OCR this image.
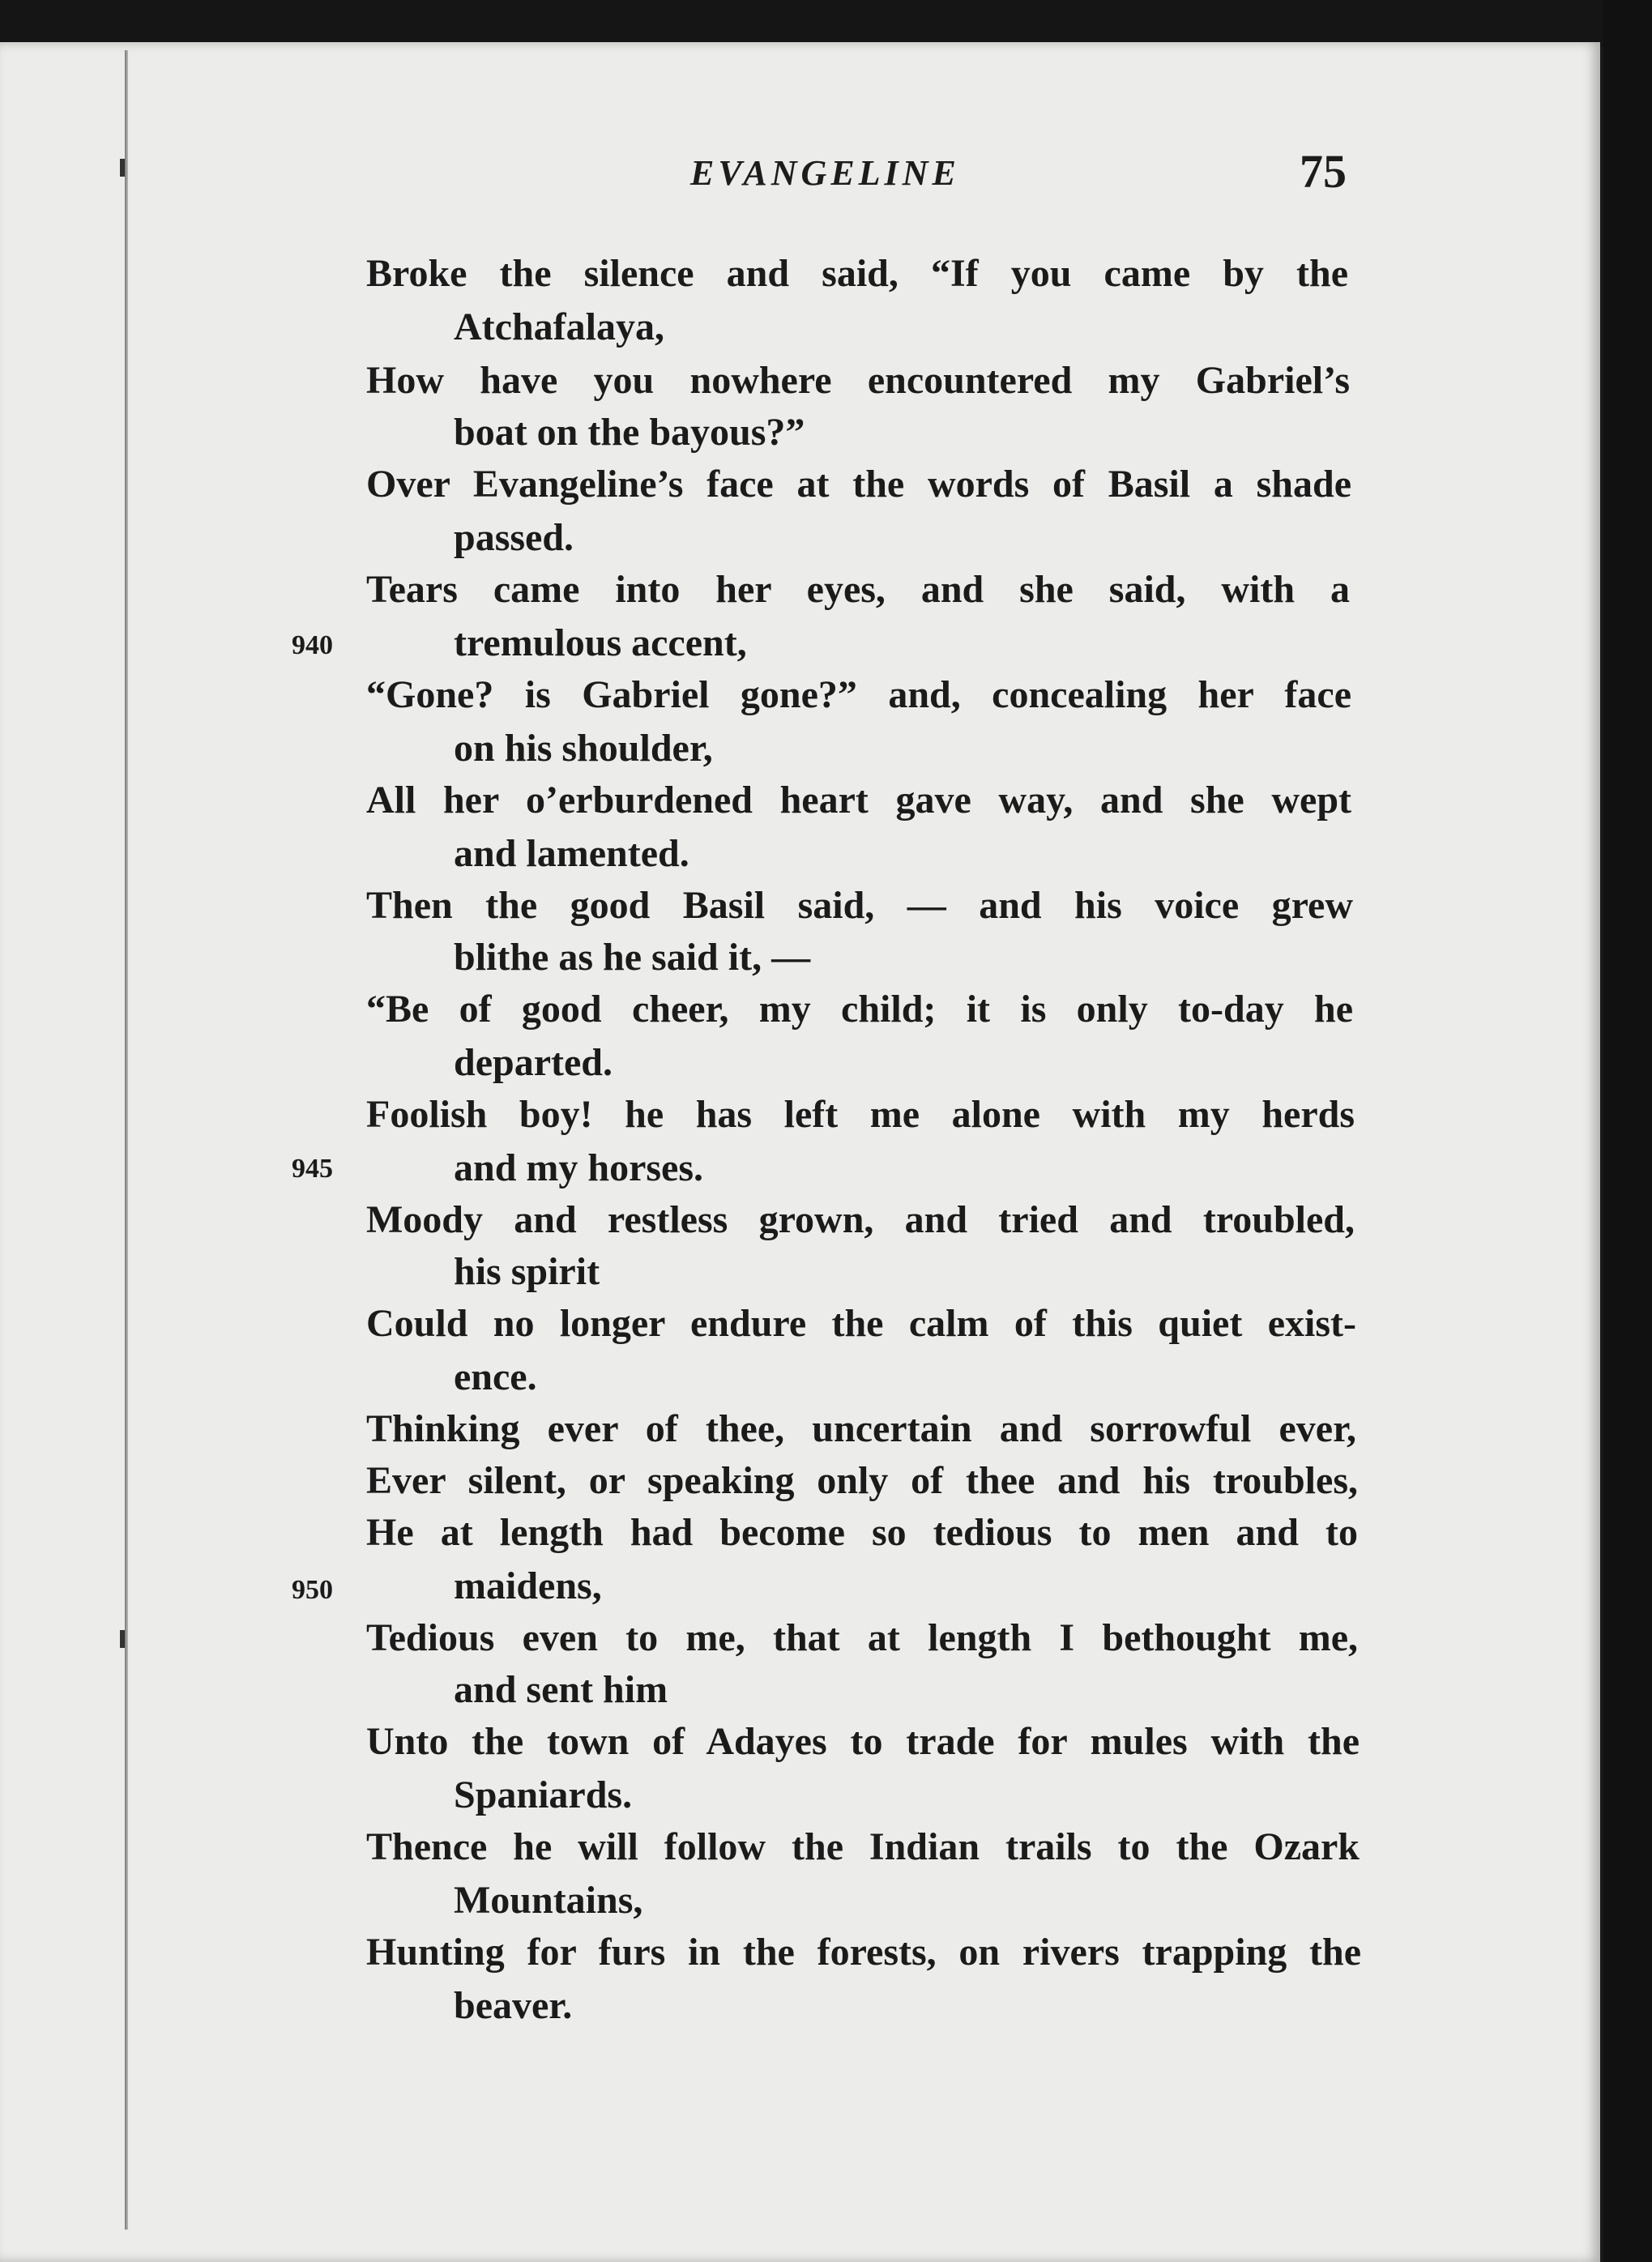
EVANGELINE	75
Broke the silence and said, “If you came by the
Atchafalaya,
How have you nowhere encountered my Gabriel’s
boat on the bayous?”
Over Evangeline’s face at the words of Basil a shade
passed.
Tears came into her eyes, and she said, with a
940	tremulous accent,
“Gone? is Gabriel gone?” and, concealing her face
on his shoulder,
All her o’erburdened heart gave way, and she wept
and lamented.
Then the good Basil said, — and his voice grew
blithe as he said it, —
“Be of good cheer, my child; it is only to-day he
departed.
Foolish boy! he has left me alone with my herds
945	and my horses.
Moody and restless grown, and tried and troubled,
his spirit
Could no longer endure the calm of this quiet exist-
ence.
Thinking ever of thee, uncertain and sorrowful ever,
Ever silent, or speaking only of thee and his troubles,
He at length had become so tedious to men and to
950	maidens,
Tedious even to me, that at length I bethought me,
and sent him
Unto the town of Adayes to trade for mules with the
Spaniards.
Thence he will follow the Indian trails to the Ozark
Mountains,
Hunting for furs in the forests, on rivers trapping the
beaver.
